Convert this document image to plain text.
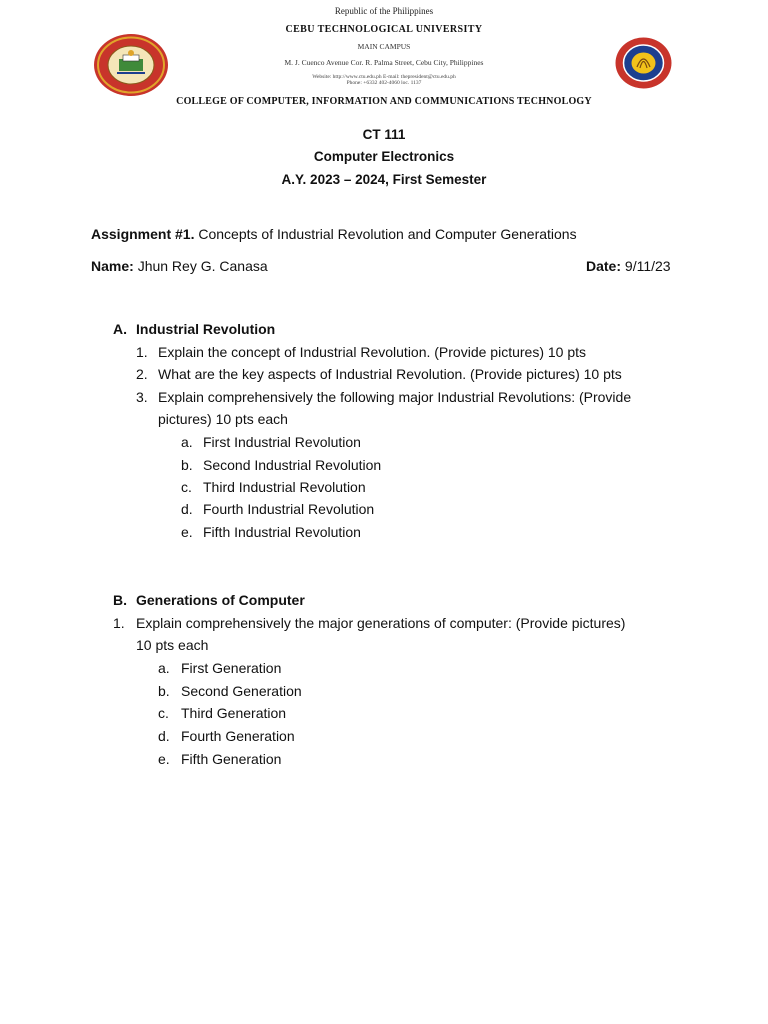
Republic of the Philippines
CEBU TECHNOLOGICAL UNIVERSITY
MAIN CAMPUS
M. J. Cuenco Avenue Cor. R. Palma Street, Cebu City, Philippines
Website: http://www.ctu.edu.ph E-mail: thepresident@ctu.edu.ph
Phone: +6332 402-4060 loc. 1137
COLLEGE OF COMPUTER, INFORMATION AND COMMUNICATIONS TECHNOLOGY
CT 111
Computer Electronics
A.Y. 2023 – 2024, First Semester
Assignment #1. Concepts of Industrial Revolution and Computer Generations
Name: Jhun Rey G. Canasa	Date: 9/11/23
A. Industrial Revolution
1. Explain the concept of Industrial Revolution. (Provide pictures) 10 pts
2. What are the key aspects of Industrial Revolution. (Provide pictures) 10 pts
3. Explain comprehensively the following major Industrial Revolutions: (Provide
pictures) 10 pts each
a. First Industrial Revolution
b. Second Industrial Revolution
c. Third Industrial Revolution
d. Fourth Industrial Revolution
e. Fifth Industrial Revolution
B. Generations of Computer
1. Explain comprehensively the major generations of computer: (Provide pictures)
10 pts each
a. First Generation
b. Second Generation
c. Third Generation
d. Fourth Generation
e. Fifth Generation
